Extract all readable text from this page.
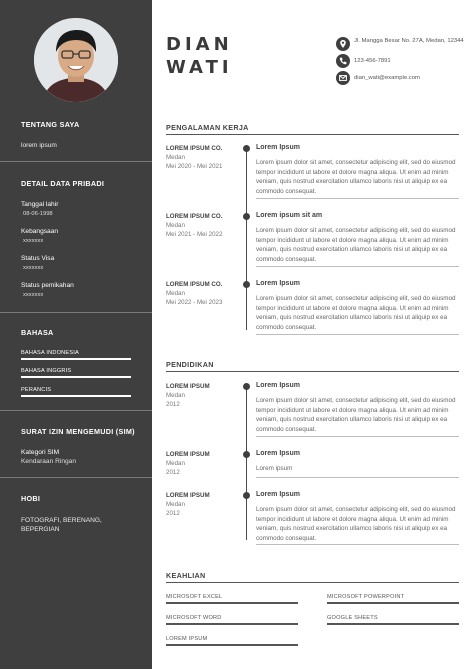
TENTANG SAYA
lorem ipsum
DETAIL DATA PRIBADI
Tanggal lahir
08-06-1998
Kebangsaan
xxxxxxx
Status Visa
xxxxxxx
Status pemikahan
xxxxxxx
BAHASA
BAHASA INDONESIA
BAHASA INGGRIS
PERANCIS
SURAT IZIN MENGEMUDI (SIM)
Kategori SIM
Kendaraan Ringan
HOBI
FOTOGRAFI, BERENANG,
BEPERGIAN
DIAN
WATI
Jl. Mangga Besar No. 27A, Medan, 12344
123-456-7891
dian_wati@example.com
PENGALAMAN KERJA
LOREM IPSUM CO.
Medan
Mei 2020 - Mei 2021
Lorem Ipsum
Lorem ipsum dolor sit amet, consectetur adipiscing elit, sed do eiusmod tempor incididunt ut labore et dolore magna aliqua. Ut enim ad minim veniam, quis nostrud exercitation ullamco laboris nisi ut aliquip ex ea commodo consequat.
LOREM IPSUM CO.
Medan
Mei 2021 - Mei 2022
Lorem ipsum sit am
Lorem ipsum dolor sit amet, consectetur adipiscing elit, sed do eiusmod tempor incididunt ut labore et dolore magna aliqua. Ut enim ad minim veniam, quis nostrud exercitation ullamco laboris nisi ut aliquip ex ea commodo consequat.
LOREM IPSUM CO.
Medan
Mei 2022 - Mei 2023
Lorem Ipsum
Lorem ipsum dolor sit amet, consectetur adipiscing elit, sed do eiusmod tempor incididunt ut labore et dolore magna aliqua. Ut enim ad minim veniam, quis nostrud exercitation ullamco laboris nisi ut aliquip ex ea commodo consequat.
PENDIDIKAN
LOREM IPSUM
Medan
2012
Lorem Ipsum
Lorem ipsum dolor sit amet, consectetur adipiscing elit, sed do eiusmod tempor incididunt ut labore et dolore magna aliqua. Ut enim ad minim veniam, quis nostrud exercitation ullamco laboris nisi ut aliquip ex ea commodo consequat.
LOREM IPSUM
Medan
2012
Lorem Ipsum
Lorem ipsum
LOREM IPSUM
Medan
2012
Lorem Ipsum
Lorem ipsum dolor sit amet, consectetur adipiscing elit, sed do eiusmod tempor incididunt ut labore et dolore magna aliqua. Ut enim ad minim veniam, quis nostrud exercitation ullamco laboris nisi ut aliquip ex ea commodo consequat.
KEAHLIAN
MICROSOFT EXCEL	MICROSOFT POWERPOINT
MICROSOFT WORD	GOOGLE SHEETS
LOREM IPSUM
